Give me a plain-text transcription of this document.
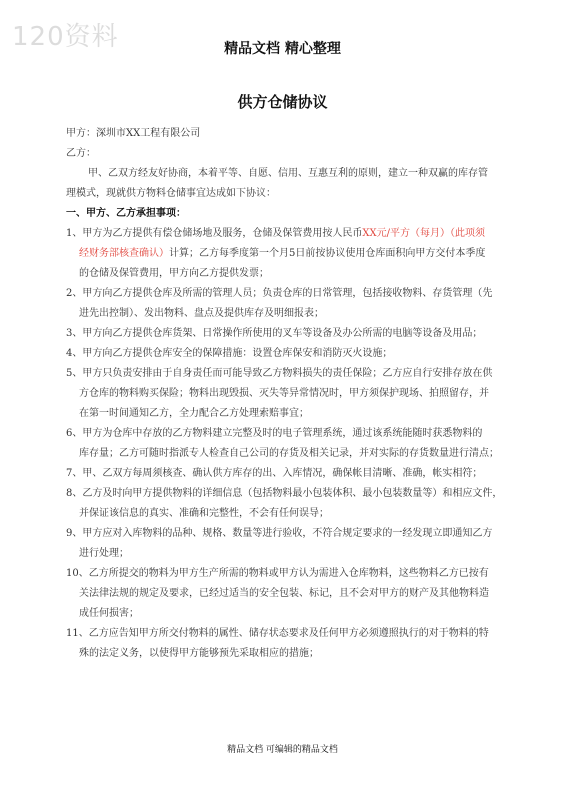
120资料	精品文档 精心整理
供方仓储协议
甲方：深圳市XX工程有限公司
乙方：
甲、乙双方经友好协商，本着平等、自愿、信用、互惠互利的原则，建立一种双赢的库存管
理模式，现就供方物料仓储事宜达成如下协议：
一、甲方、乙方承担事项：
1、甲方为乙方提供有偿仓储场地及服务，仓储及保管费用按人民币XX元/平方（每月）（此项须
经财务部核查确认）计算；乙方每季度第一个月5日前按协议使用仓库面积向甲方交付本季度
的仓储及保管费用，甲方向乙方提供发票；
2、甲方向乙方提供仓库及所需的管理人员；负责仓库的日常管理，包括接收物料、存货管理（先
进先出控制）、发出物料、盘点及提供库存及明细报表；
3、甲方向乙方提供仓库货架、日常操作所使用的叉车等设备及办公所需的电脑等设备及用品；
4、甲方向乙方提供仓库安全的保障措施：设置仓库保安和消防灭火设施；
5、甲方只负责安排由于自身责任而可能导致乙方物料损失的责任保险；乙方应自行安排存放在供
方仓库的物料购买保险；物料出现毁损、灭失等异常情况时，甲方须保护现场、拍照留存，并
在第一时间通知乙方，全力配合乙方处理索赔事宜；
6、甲方为仓库中存放的乙方物料建立完整及时的电子管理系统，通过该系统能随时获悉物料的
库存量；乙方可随时指派专人检查自己公司的存货及相关记录，并对实际的存货数量进行清点；
7、甲、乙双方每周须核查、确认供方库存的出、入库情况，确保帐目清晰、准确，帐实相符；
8、乙方及时向甲方提供物料的详细信息（包括物料最小包装体积、最小包装数量等）和相应文件，
并保证该信息的真实、准确和完整性，不会有任何误导；
9、甲方应对入库物料的品种、规格、数量等进行验收，不符合规定要求的一经发现立即通知乙方
进行处理；
10、乙方所提交的物料为甲方生产所需的物料或甲方认为需进入仓库物料，这些物料乙方已按有
关法律法规的规定及要求，已经过适当的安全包装、标记，且不会对甲方的财产及其他物料造
成任何损害；
11、乙方应告知甲方所交付物料的属性、储存状态要求及任何甲方必须遵照执行的对于物料的特
殊的法定义务，以使得甲方能够预先采取相应的措施；
精品文档 可编辑的精品文档
